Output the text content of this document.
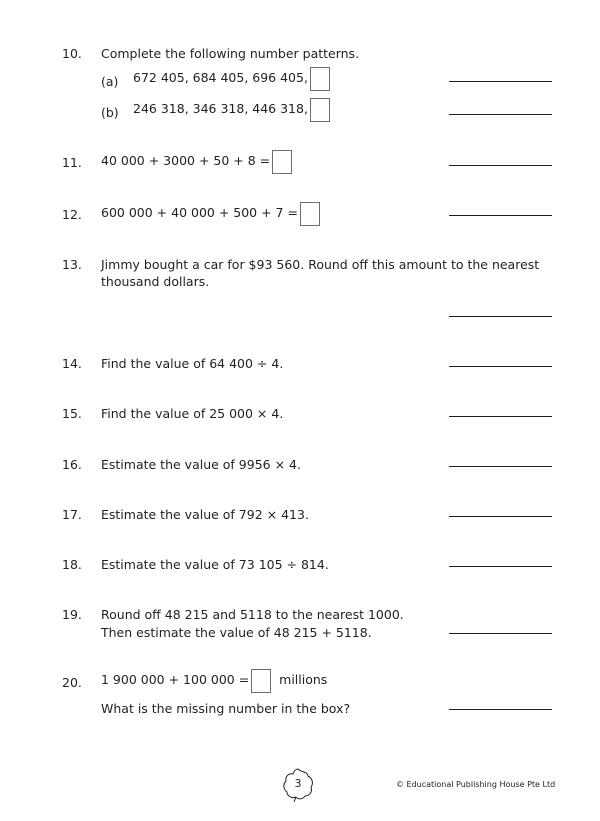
10. Complete the following number patterns.
(a) 672 405, 684 405, 696 405,
(b) 246 318, 346 318, 446 318,
11. 40 000 + 3000 + 50 + 8 =
12. 600 000 + 40 000 + 500 + 7 =
13. Jimmy bought a car for $93 560. Round off this amount to the nearest
thousand dollars.
14. Find the value of 64 400 ÷ 4.
15. Find the value of 25 000 × 4.
16. Estimate the value of 9956 × 4.
17. Estimate the value of 792 × 413.
18. Estimate the value of 73 105 ÷ 814.
19. Round off 48 215 and 5118 to the nearest 1000.
Then estimate the value of 48 215 + 5118.
20. 1 900 000 + 100 000 = millions
What is the missing number in the box?
3	© Educational Publishing House Pte Ltd
